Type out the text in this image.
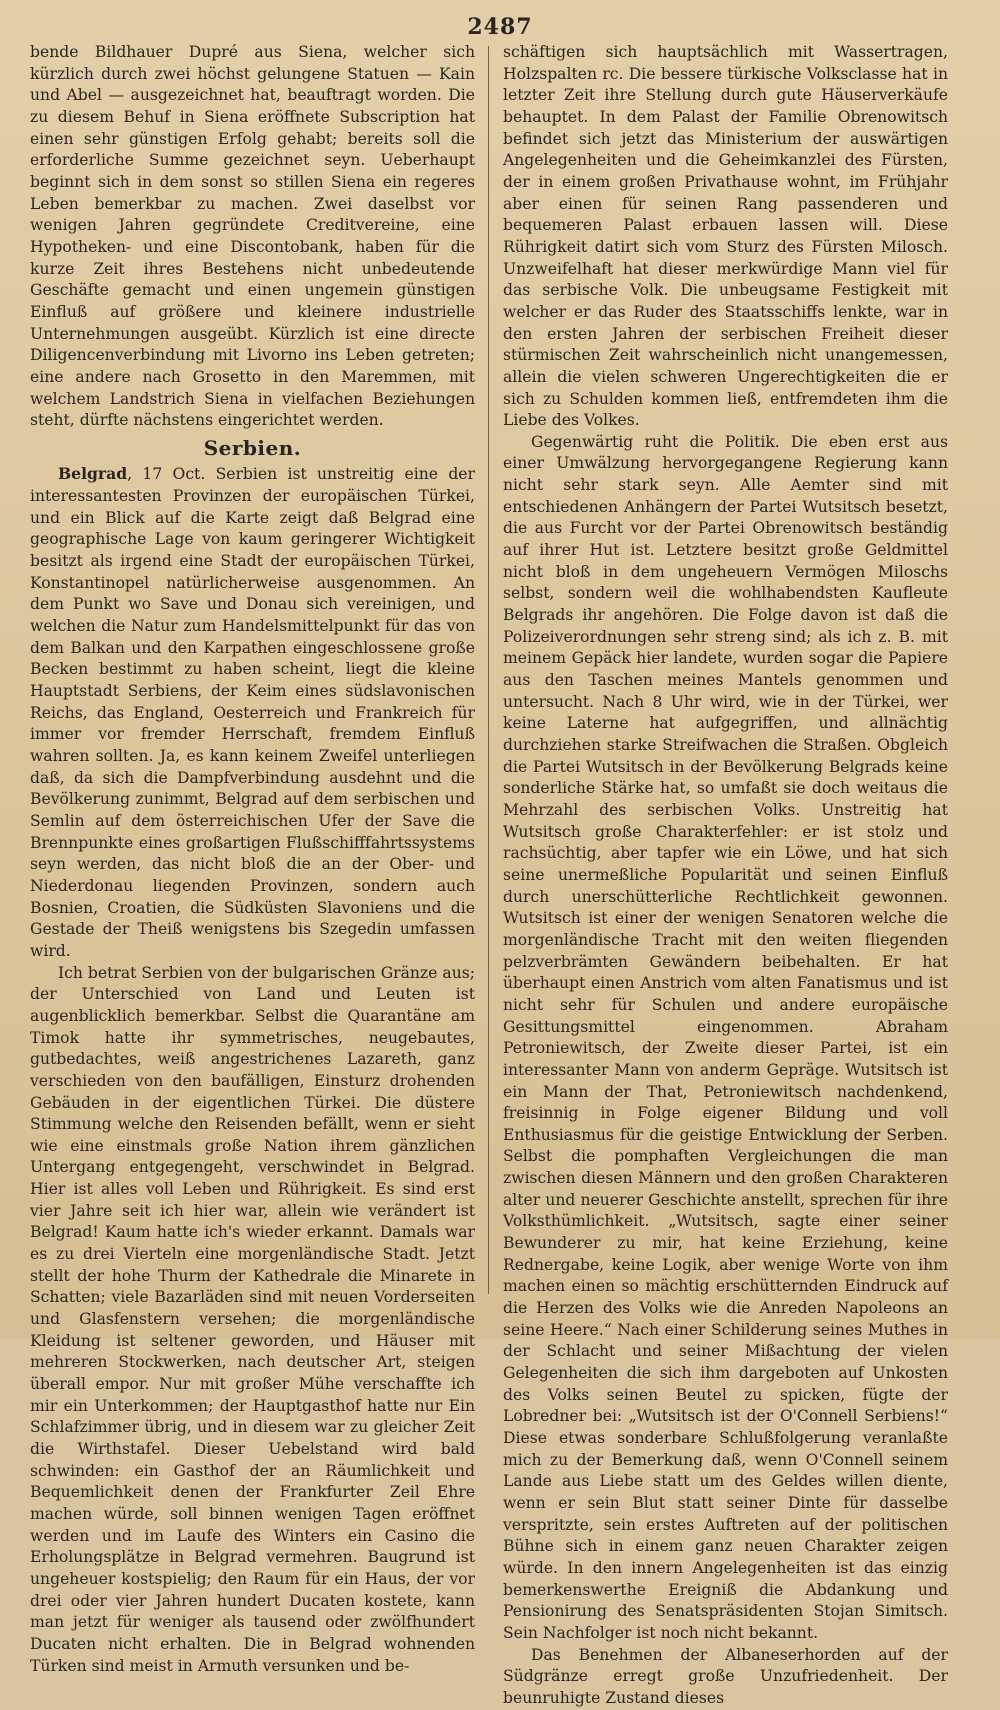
2487

bende Bildhauer Dupré aus Siena, welcher sich kürzlich durch zwei höchst gelungene Statuen — Kain und Abel — ausgezeichnet hat, beauftragt worden. Die zu diesem Behuf in Siena eröffnete Subscription hat einen sehr günstigen Erfolg gehabt; bereits soll die erforderliche Summe gezeichnet seyn. Ueberhaupt beginnt sich in dem sonst so stillen Siena ein regeres Leben bemerkbar zu machen. Zwei daselbst vor wenigen Jahren gegründete Creditvereine, eine Hypotheken- und eine Discontobank, haben für die kurze Zeit ihres Bestehens nicht unbedeutende Geschäfte gemacht und einen ungemein günstigen Einfluß auf größere und kleinere industrielle Unternehmungen ausgeübt. Kürzlich ist eine directe Diligencenverbindung mit Livorno ins Leben getreten; eine andere nach Grosetto in den Maremmen, mit welchem Landstrich Siena in vielfachen Beziehungen steht, dürfte nächstens eingerichtet werden.

Serbien.

Belgrad, 17 Oct. Serbien ist unstreitig eine der interessantesten Provinzen der europäischen Türkei, und ein Blick auf die Karte zeigt daß Belgrad eine geographische Lage von kaum geringerer Wichtigkeit besitzt als irgend eine Stadt der europäischen Türkei, Konstantinopel natürlicherweise ausgenommen. An dem Punkt wo Save und Donau sich vereinigen, und welchen die Natur zum Handelsmittelpunkt für das von dem Balkan und den Karpathen eingeschlossene große Becken bestimmt zu haben scheint, liegt die kleine Hauptstadt Serbiens, der Keim eines südslavonischen Reichs, das England, Oesterreich und Frankreich für immer vor fremder Herrschaft, fremdem Einfluß wahren sollten. Ja, es kann keinem Zweifel unterliegen daß, da sich die Dampfverbindung ausdehnt und die Bevölkerung zunimmt, Belgrad auf dem serbischen und Semlin auf dem österreichischen Ufer der Save die Brennpunkte eines großartigen Flußschifffahrtssystems seyn werden, das nicht bloß die an der Ober- und Niederdonau liegenden Provinzen, sondern auch Bosnien, Croatien, die Südküsten Slavoniens und die Gestade der Theiß wenigstens bis Szegedin umfassen wird.

Ich betrat Serbien von der bulgarischen Gränze aus; der Unterschied von Land und Leuten ist augenblicklich bemerkbar. Selbst die Quarantäne am Timok hatte ihr symmetrisches, neugebautes, gutbedachtes, weiß angestrichenes Lazareth, ganz verschieden von den baufälligen, Einsturz drohenden Gebäuden in der eigentlichen Türkei. Die düstere Stimmung welche den Reisenden befällt, wenn er sieht wie eine einstmals große Nation ihrem gänzlichen Untergang entgegengeht, verschwindet in Belgrad. Hier ist alles voll Leben und Rührigkeit. Es sind erst vier Jahre seit ich hier war, allein wie verändert ist Belgrad! Kaum hatte ich's wieder erkannt. Damals war es zu drei Vierteln eine morgenländische Stadt. Jetzt stellt der hohe Thurm der Kathedrale die Minarete in Schatten; viele Bazarläden sind mit neuen Vorderseiten und Glasfenstern versehen; die morgenländische Kleidung ist seltener geworden, und Häuser mit mehreren Stockwerken, nach deutscher Art, steigen überall empor. Nur mit großer Mühe verschaffte ich mir ein Unterkommen; der Hauptgasthof hatte nur Ein Schlafzimmer übrig, und in diesem war zu gleicher Zeit die Wirthstafel. Dieser Uebelstand wird bald schwinden: ein Gasthof der an Räumlichkeit und Bequemlichkeit denen der Frankfurter Zeil Ehre machen würde, soll binnen wenigen Tagen eröffnet werden und im Laufe des Winters ein Casino die Erholungsplätze in Belgrad vermehren. Baugrund ist ungeheuer kostspielig; den Raum für ein Haus, der vor drei oder vier Jahren hundert Ducaten kostete, kann man jetzt für weniger als tausend oder zwölfhundert Ducaten nicht erhalten. Die in Belgrad wohnenden Türken sind meist in Armuth versunken und be-

schäftigen sich hauptsächlich mit Wassertragen, Holzspalten rc. Die bessere türkische Volksclasse hat in letzter Zeit ihre Stellung durch gute Häuserverkäufe behauptet. In dem Palast der Familie Obrenowitsch befindet sich jetzt das Ministerium der auswärtigen Angelegenheiten und die Geheimkanzlei des Fürsten, der in einem großen Privathause wohnt, im Frühjahr aber einen für seinen Rang passenderen und bequemeren Palast erbauen lassen will. Diese Rührigkeit datirt sich vom Sturz des Fürsten Milosch. Unzweifelhaft hat dieser merkwürdige Mann viel für das serbische Volk. Die unbeugsame Festigkeit mit welcher er das Ruder des Staatsschiffs lenkte, war in den ersten Jahren der serbischen Freiheit dieser stürmischen Zeit wahrscheinlich nicht unangemessen, allein die vielen schweren Ungerechtigkeiten die er sich zu Schulden kommen ließ, entfremdeten ihm die Liebe des Volkes.

Gegenwärtig ruht die Politik. Die eben erst aus einer Umwälzung hervorgegangene Regierung kann nicht sehr stark seyn. Alle Aemter sind mit entschiedenen Anhängern der Partei Wutsitsch besetzt, die aus Furcht vor der Partei Obrenowitsch beständig auf ihrer Hut ist. Letztere besitzt große Geldmittel nicht bloß in dem ungeheuern Vermögen Miloschs selbst, sondern weil die wohlhabendsten Kaufleute Belgrads ihr angehören. Die Folge davon ist daß die Polizeiverordnungen sehr streng sind; als ich z. B. mit meinem Gepäck hier landete, wurden sogar die Papiere aus den Taschen meines Mantels genommen und untersucht. Nach 8 Uhr wird, wie in der Türkei, wer keine Laterne hat aufgegriffen, und allnächtig durchziehen starke Streifwachen die Straßen. Obgleich die Partei Wutsitsch in der Bevölkerung Belgrads keine sonderliche Stärke hat, so umfaßt sie doch weitaus die Mehrzahl des serbischen Volks. Unstreitig hat Wutsitsch große Charakterfehler: er ist stolz und rachsüchtig, aber tapfer wie ein Löwe, und hat sich seine unermeßliche Popularität und seinen Einfluß durch unerschütterliche Rechtlichkeit gewonnen. Wutsitsch ist einer der wenigen Senatoren welche die morgenländische Tracht mit den weiten fliegenden pelzverbrämten Gewändern beibehalten. Er hat überhaupt einen Anstrich vom alten Fanatismus und ist nicht sehr für Schulen und andere europäische Gesittungsmittel eingenommen. Abraham Petroniewitsch, der Zweite dieser Partei, ist ein interessanter Mann von anderm Gepräge. Wutsitsch ist ein Mann der That, Petroniewitsch nachdenkend, freisinnig in Folge eigener Bildung und voll Enthusiasmus für die geistige Entwicklung der Serben. Selbst die pomphaften Vergleichungen die man zwischen diesen Männern und den großen Charakteren alter und neuerer Geschichte anstellt, sprechen für ihre Volksthümlichkeit. „Wutsitsch, sagte einer seiner Bewunderer zu mir, hat keine Erziehung, keine Rednergabe, keine Logik, aber wenige Worte von ihm machen einen so mächtig erschütternden Eindruck auf die Herzen des Volks wie die Anreden Napoleons an seine Heere.“ Nach einer Schilderung seines Muthes in der Schlacht und seiner Mißachtung der vielen Gelegenheiten die sich ihm dargeboten auf Unkosten des Volks seinen Beutel zu spicken, fügte der Lobredner bei: „Wutsitsch ist der O'Connell Serbiens!“ Diese etwas sonderbare Schlußfolgerung veranlaßte mich zu der Bemerkung daß, wenn O'Connell seinem Lande aus Liebe statt um des Geldes willen diente, wenn er sein Blut statt seiner Dinte für dasselbe verspritzte, sein erstes Auftreten auf der politischen Bühne sich in einem ganz neuen Charakter zeigen würde. In den innern Angelegenheiten ist das einzig bemerkenswerthe Ereigniß die Abdankung und Pensionirung des Senatspräsidenten Stojan Simitsch. Sein Nachfolger ist noch nicht bekannt.

Das Benehmen der Albaneserhorden auf der Südgränze erregt große Unzufriedenheit. Der beunruhigte Zustand dieses
